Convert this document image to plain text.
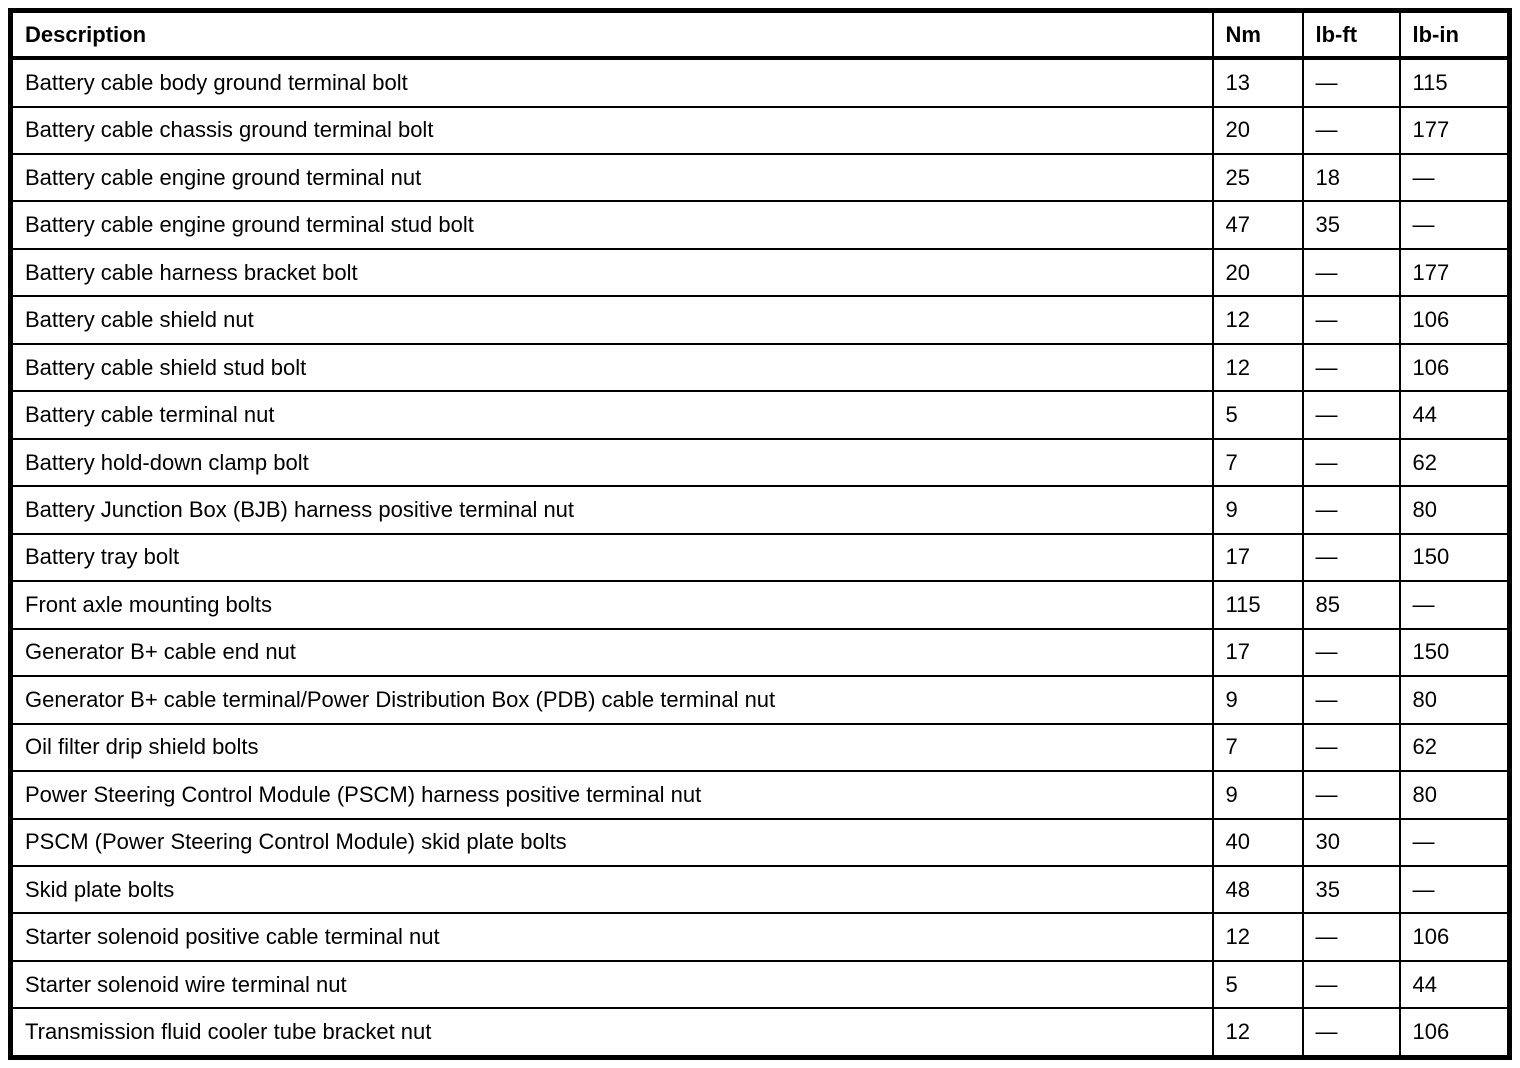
Description	Nm	lb-ft	lb-in
Battery cable body ground terminal bolt	13	—	115
Battery cable chassis ground terminal bolt	20	—	177
Battery cable engine ground terminal nut	25	18	—
Battery cable engine ground terminal stud bolt	47	35	—
Battery cable harness bracket bolt	20	—	177
Battery cable shield nut	12	—	106
Battery cable shield stud bolt	12	—	106
Battery cable terminal nut	5	—	44
Battery hold-down clamp bolt	7	—	62
Battery Junction Box (BJB) harness positive terminal nut	9	—	80
Battery tray bolt	17	—	150
Front axle mounting bolts	115	85	—
Generator B+ cable end nut	17	—	150
Generator B+ cable terminal/Power Distribution Box (PDB) cable terminal nut	9	—	80
Oil filter drip shield bolts	7	—	62
Power Steering Control Module (PSCM) harness positive terminal nut	9	—	80
PSCM (Power Steering Control Module) skid plate bolts	40	30	—
Skid plate bolts	48	35	—
Starter solenoid positive cable terminal nut	12	—	106
Starter solenoid wire terminal nut	5	—	44
Transmission fluid cooler tube bracket nut	12	—	106
